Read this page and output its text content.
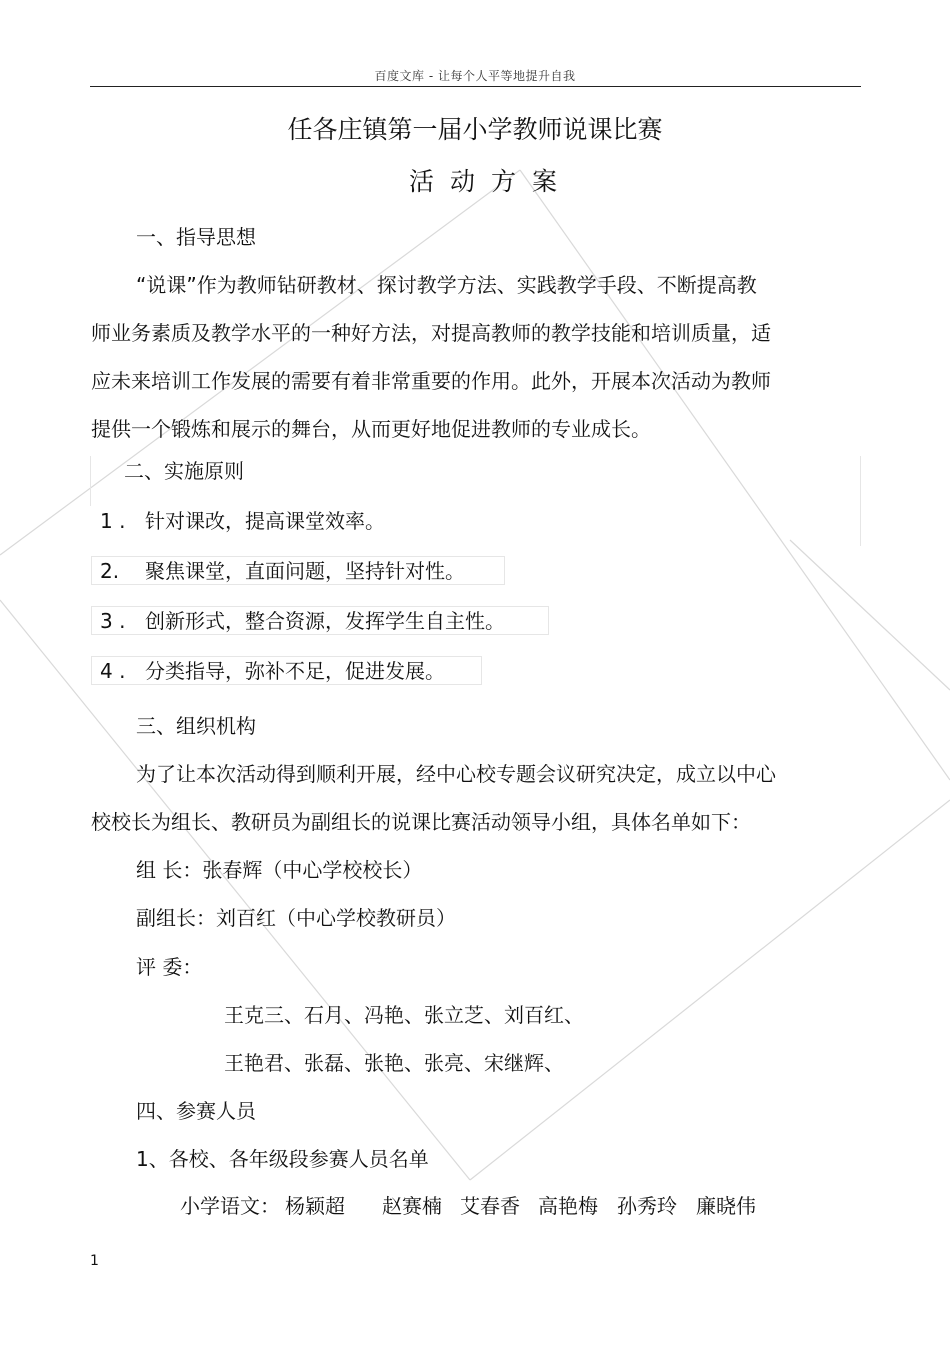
百度文库 - 让每个人平等地提升自我
任各庄镇第一届小学教师说课比赛
活动方案
一、指导思想
“说课”作为教师钻研教材、探讨教学方法、实践教学手段、不断提高教
师业务素质及教学水平的一种好方法，对提高教师的教学技能和培训质量，适
应未来培训工作发展的需要有着非常重要的作用。此外，开展本次活动为教师
提供一个锻炼和展示的舞台，从而更好地促进教师的专业成长。
二、实施原则
1 . 针对课改，提高课堂效率。
2. 聚焦课堂，直面问题，坚持针对性。
3 . 创新形式，整合资源，发挥学生自主性。
4 . 分类指导，弥补不足，促进发展。
三、组织机构
为了让本次活动得到顺利开展，经中心校专题会议研究决定，成立以中心
校校长为组长、教研员为副组长的说课比赛活动领导小组，具体名单如下：
组 长：张春辉（中心学校校长）
副组长：刘百红（中心学校教研员）
评 委：
王克三、石月、冯艳、张立芝、刘百红、
王艳君、张磊、张艳、张亮、宋继辉、
四、参赛人员
1、各校、各年级段参赛人员名单
小学语文： 杨颖超 赵赛楠 艾春香 高艳梅 孙秀玲 廉晓伟
1
